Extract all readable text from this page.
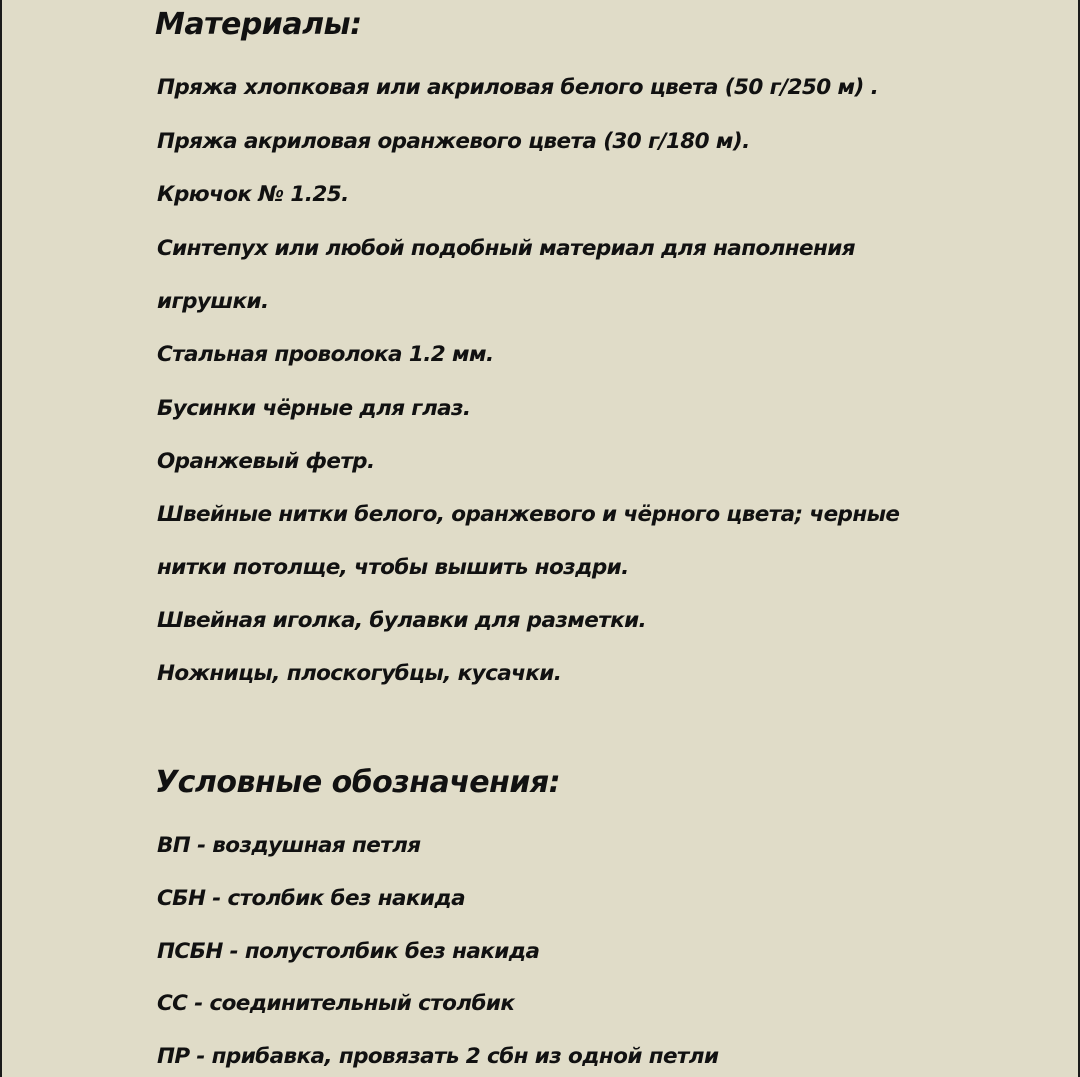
Материалы:

Пряжа хлопковая или акриловая белого цвета (50 г/250 м) .

Пряжа акриловая оранжевого цвета (30 г/180 м).

Крючок № 1.25.

Синтепух или любой подобный материал для наполнения

игрушки.

Стальная проволока 1.2 мм.

Бусинки чёрные для глаз.

Оранжевый фетр.

Швейные нитки белого, оранжевого и чёрного цвета; черные

нитки потолще, чтобы вышить ноздри.

Швейная иголка, булавки для разметки.

Ножницы, плоскогубцы, кусачки.

Условные обозначения:

ВП - воздушная петля

СБН - столбик без накида

ПСБН - полустолбик без накида

СС - соединительный столбик

ПР - прибавка, провязать 2 сбн из одной петли
